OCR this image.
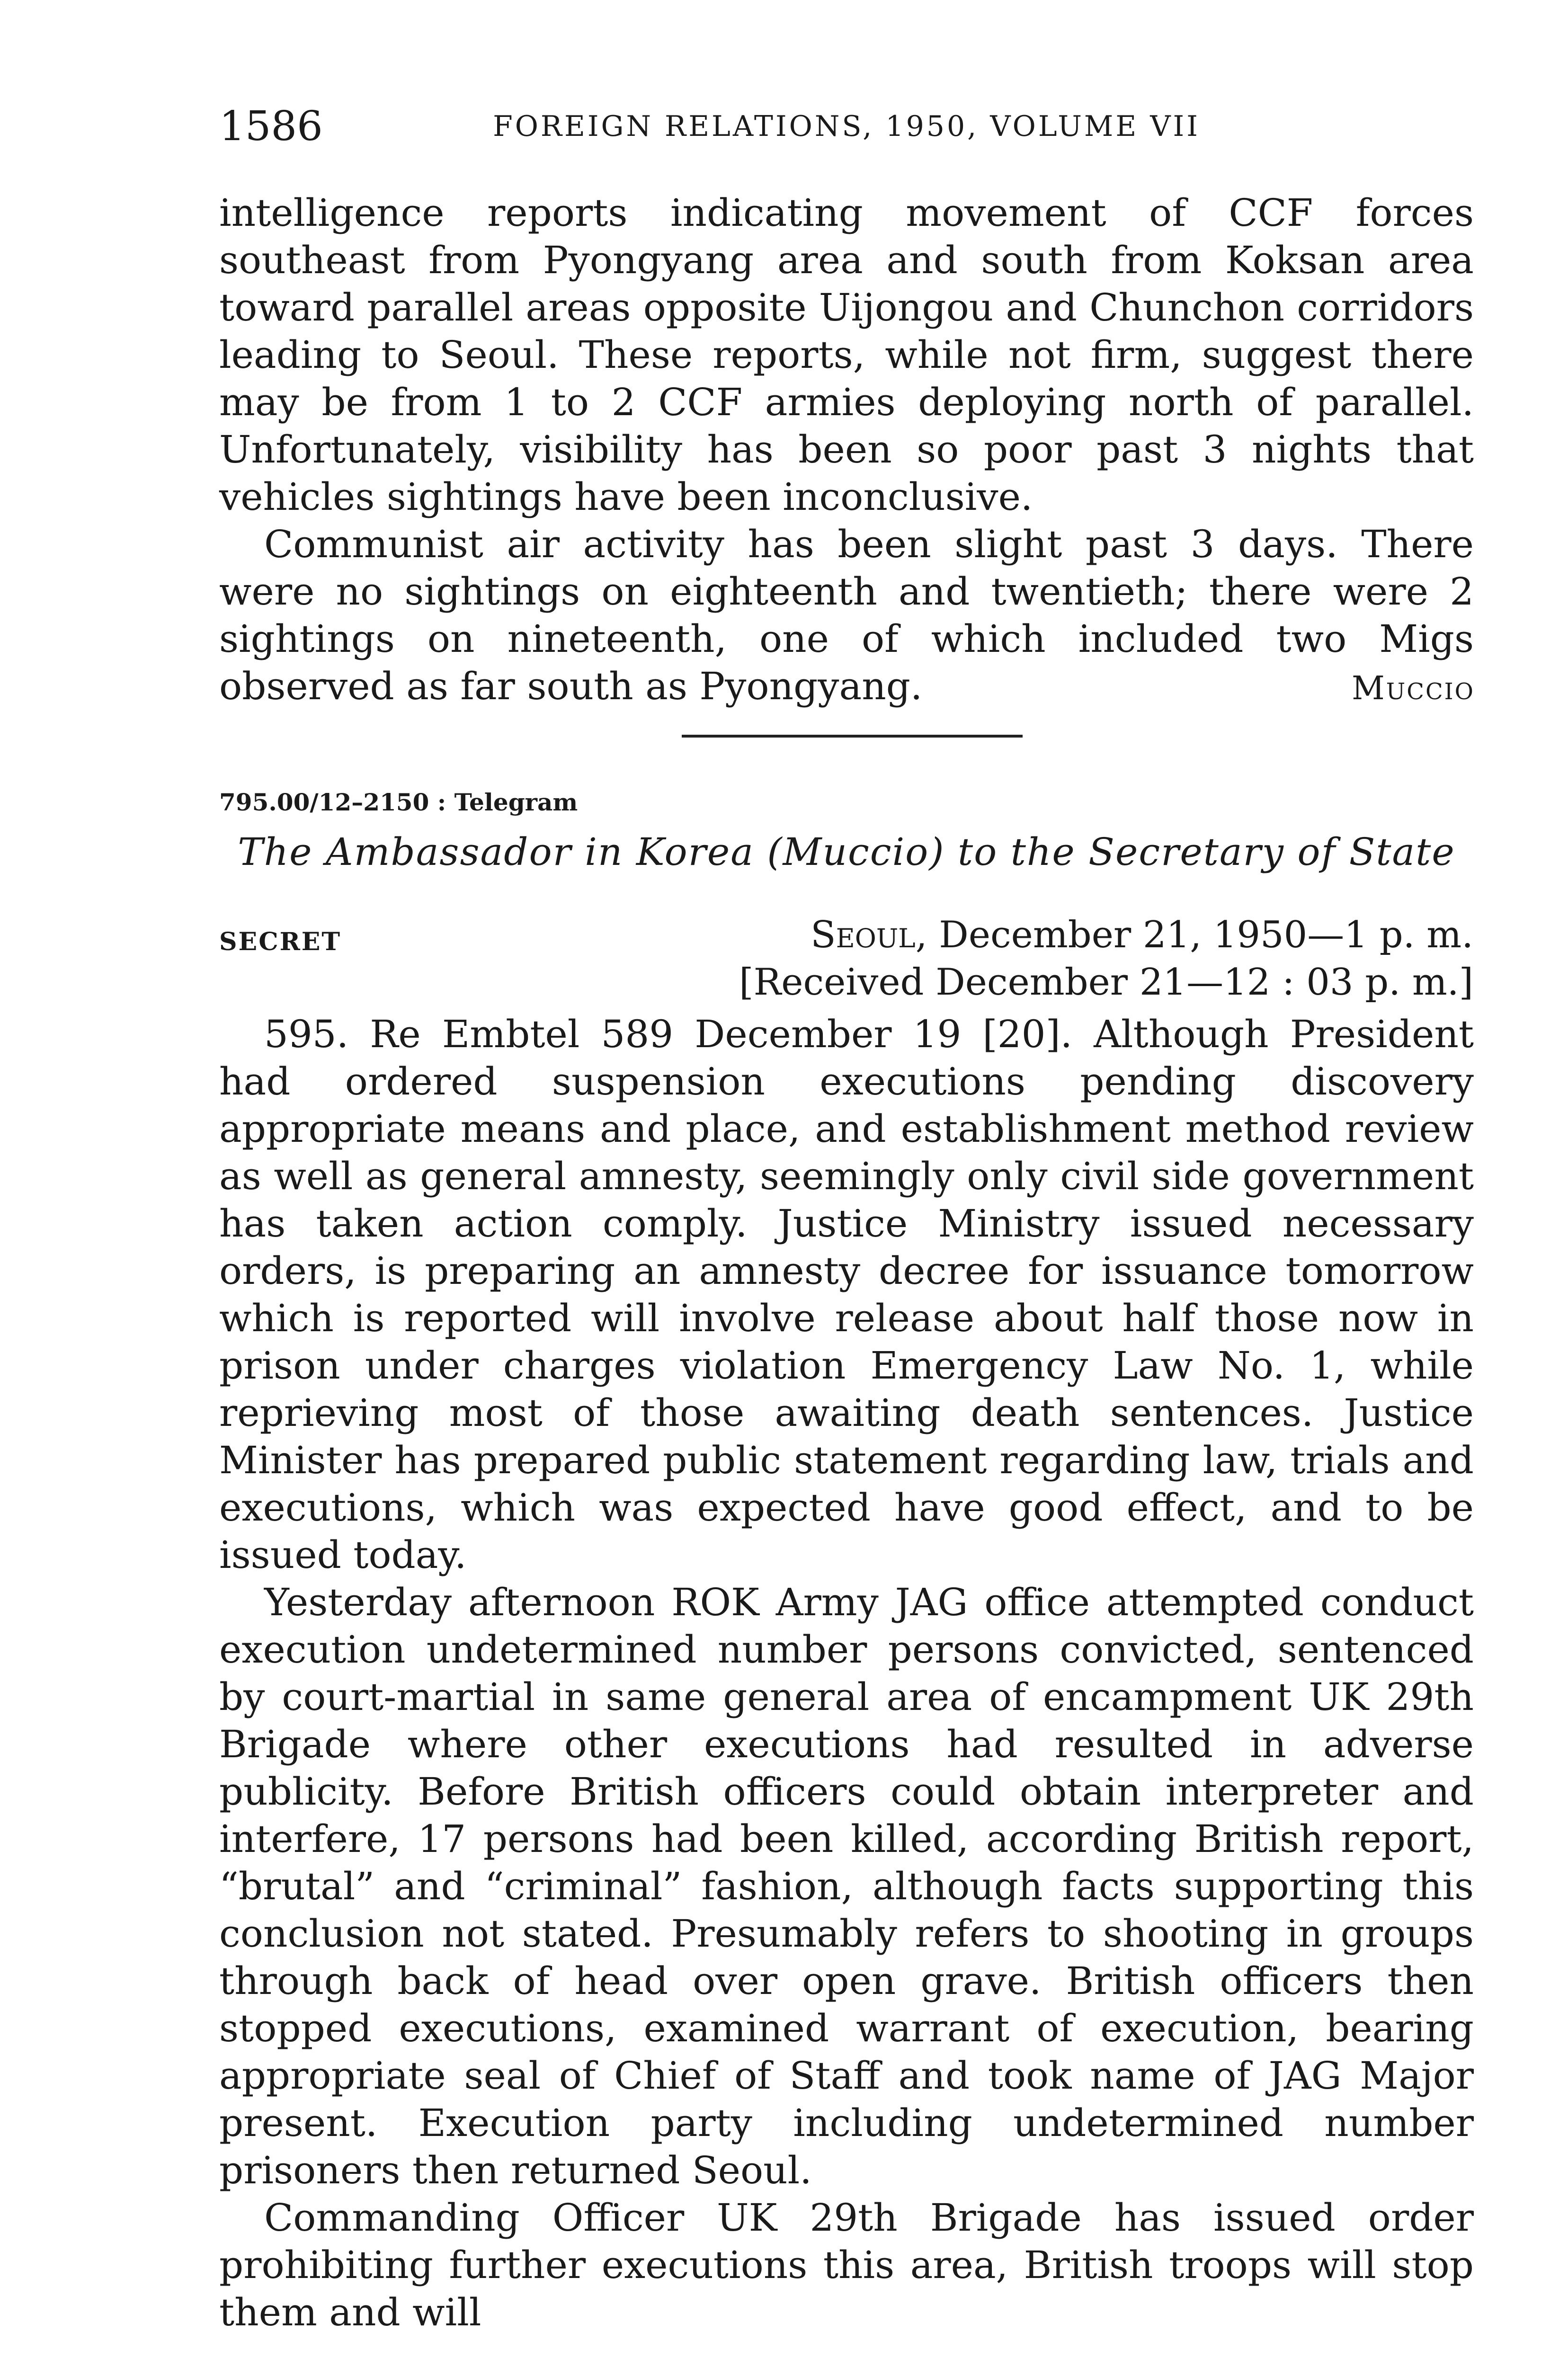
1586	FOREIGN RELATIONS, 1950, VOLUME VII

intelligence reports indicating movement of CCF forces southeast from Pyongyang area and south from Koksan area toward parallel areas opposite Uijongou and Chunchon corridors leading to Seoul. These reports, while not firm, suggest there may be from 1 to 2 CCF armies deploying north of parallel. Unfortunately, visibility has been so poor past 3 nights that vehicles sightings have been inconclusive.

Communist air activity has been slight past 3 days. There were no sightings on eighteenth and twentieth; there were 2 sightings on nineteenth, one of which included two Migs observed as far south as Pyongyang.	Muccio
795.00/12–2150 : Telegram
The Ambassador in Korea (Muccio) to the Secretary of State
SECRET	Seoul, December 21, 1950—1 p. m.
[Received December 21—12 : 03 p. m.]

595. Re Embtel 589 December 19 [20]. Although President had ordered suspension executions pending discovery appropriate means and place, and establishment method review as well as general amnesty, seemingly only civil side government has taken action comply. Justice Ministry issued necessary orders, is preparing an amnesty decree for issuance tomorrow which is reported will involve release about half those now in prison under charges violation Emergency Law No. 1, while reprieving most of those awaiting death sentences. Justice Minister has prepared public statement regarding law, trials and executions, which was expected have good effect, and to be issued today.

Yesterday afternoon ROK Army JAG office attempted conduct execution undetermined number persons convicted, sentenced by court-martial in same general area of encampment UK 29th Brigade where other executions had resulted in adverse publicity. Before British officers could obtain interpreter and interfere, 17 persons had been killed, according British report, “brutal” and “criminal” fashion, although facts supporting this conclusion not stated. Presumably refers to shooting in groups through back of head over open grave. British officers then stopped executions, examined warrant of execution, bearing appropriate seal of Chief of Staff and took name of JAG Major present. Execution party including undetermined number prisoners then returned Seoul.

Commanding Officer UK 29th Brigade has issued order prohibiting further executions this area, British troops will stop them and will
